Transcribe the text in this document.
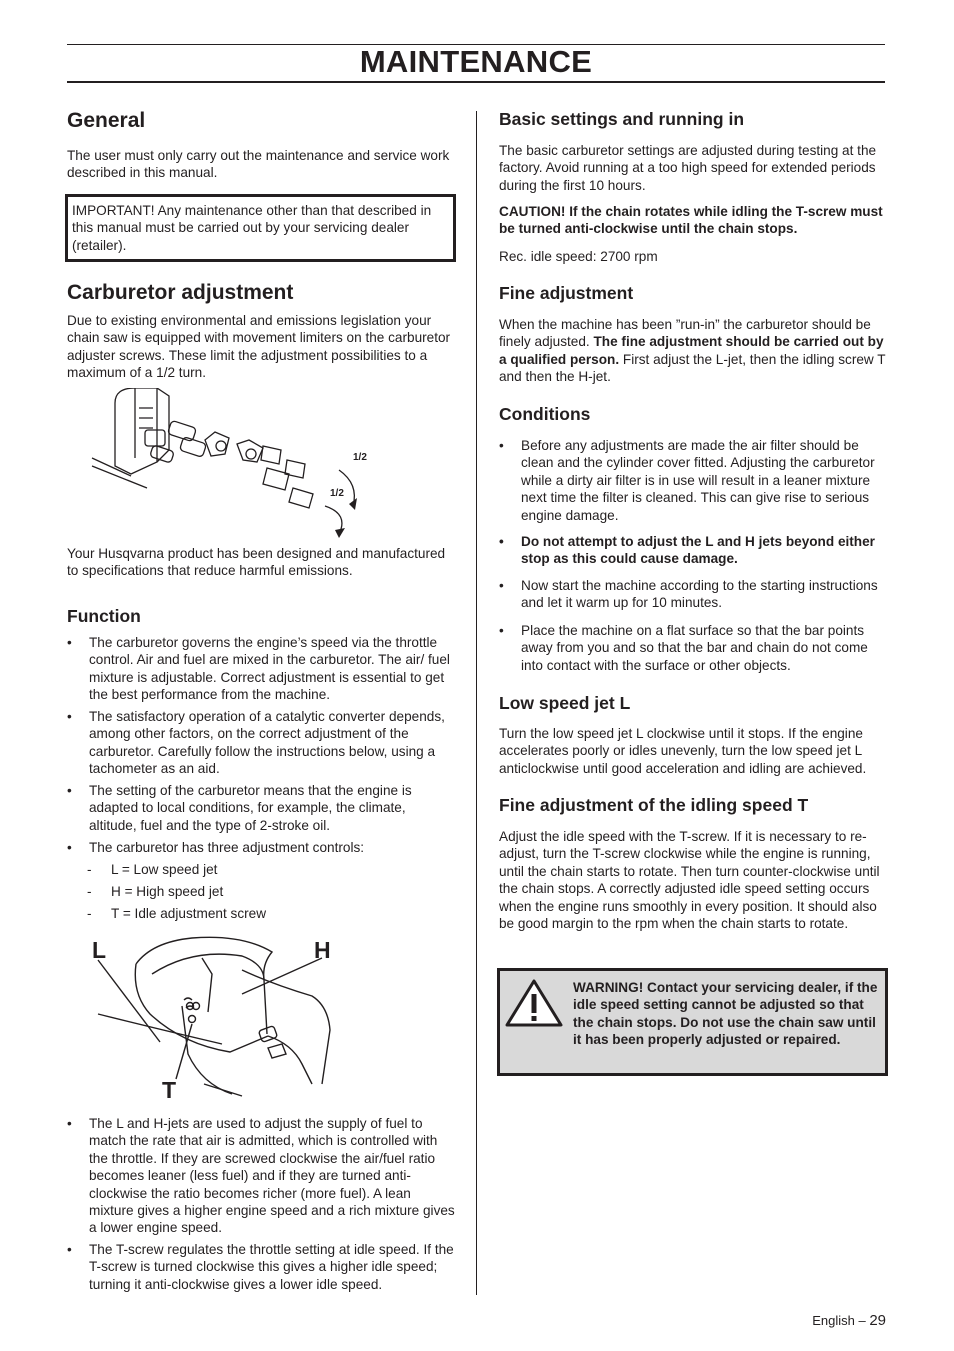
MAINTENANCE
General
The user must only carry out the maintenance and service work described in this manual.
IMPORTANT! Any maintenance other than that described in this manual must be carried out by your servicing dealer (retailer).
Carburetor adjustment
Due to existing environmental and emissions legislation your chain saw is equipped with movement limiters on the carburetor adjuster screws. These limit the adjustment possibilities to a maximum of a 1/2 turn.
1/2
1/2
Your Husqvarna product has been designed and manufactured to specifications that reduce harmful emissions.
Function
• The carburetor governs the engine’s speed via the throttle control. Air and fuel are mixed in the carburetor. The air/ fuel mixture is adjustable. Correct adjustment is essential to get the best performance from the machine.
• The satisfactory operation of a catalytic converter depends, among other factors, on the correct adjustment of the carburetor. Carefully follow the instructions below, using a tachometer as an aid.
• The setting of the carburetor means that the engine is adapted to local conditions, for example, the climate, altitude, fuel and the type of 2-stroke oil.
• The carburetor has three adjustment controls:
- L = Low speed jet
- H = High speed jet
- T = Idle adjustment screw
L	H
T
• The L and H-jets are used to adjust the supply of fuel to match the rate that air is admitted, which is controlled with the throttle. If they are screwed clockwise the air/fuel ratio becomes leaner (less fuel) and if they are turned anti-clockwise the ratio becomes richer (more fuel). A lean mixture gives a higher engine speed and a rich mixture gives a lower engine speed.
• The T-screw regulates the throttle setting at idle speed. If the T-screw is turned clockwise this gives a higher idle speed; turning it anti-clockwise gives a lower idle speed.
Basic settings and running in
The basic carburetor settings are adjusted during testing at the factory. Avoid running at a too high speed for extended periods during the first 10 hours.
CAUTION! If the chain rotates while idling the T-screw must be turned anti-clockwise until the chain stops.
Rec. idle speed: 2700 rpm
Fine adjustment
When the machine has been ”run-in” the carburetor should be finely adjusted. The fine adjustment should be carried out by a qualified person. First adjust the L-jet, then the idling screw T and then the H-jet.
Conditions
• Before any adjustments are made the air filter should be clean and the cylinder cover fitted. Adjusting the carburetor while a dirty air filter is in use will result in a leaner mixture next time the filter is cleaned. This can give rise to serious engine damage.
• Do not attempt to adjust the L and H jets beyond either stop as this could cause damage.
• Now start the machine according to the starting instructions and let it warm up for 10 minutes.
• Place the machine on a flat surface so that the bar points away from you and so that the bar and chain do not come into contact with the surface or other objects.
Low speed jet L
Turn the low speed jet L clockwise until it stops. If the engine accelerates poorly or idles unevenly, turn the low speed jet L anticlockwise until good acceleration and idling are achieved.
Fine adjustment of the idling speed T
Adjust the idle speed with the T-screw. If it is necessary to re-adjust, turn the T-screw clockwise while the engine is running, until the chain starts to rotate. Then turn counter-clockwise until the chain stops. A correctly adjusted idle speed setting occurs when the engine runs smoothly in every position. It should also be good margin to the rpm when the chain starts to rotate.
WARNING! Contact your servicing dealer, if the idle speed setting cannot be adjusted so that the chain stops. Do not use the chain saw until it has been properly adjusted or repaired.
English – 29
